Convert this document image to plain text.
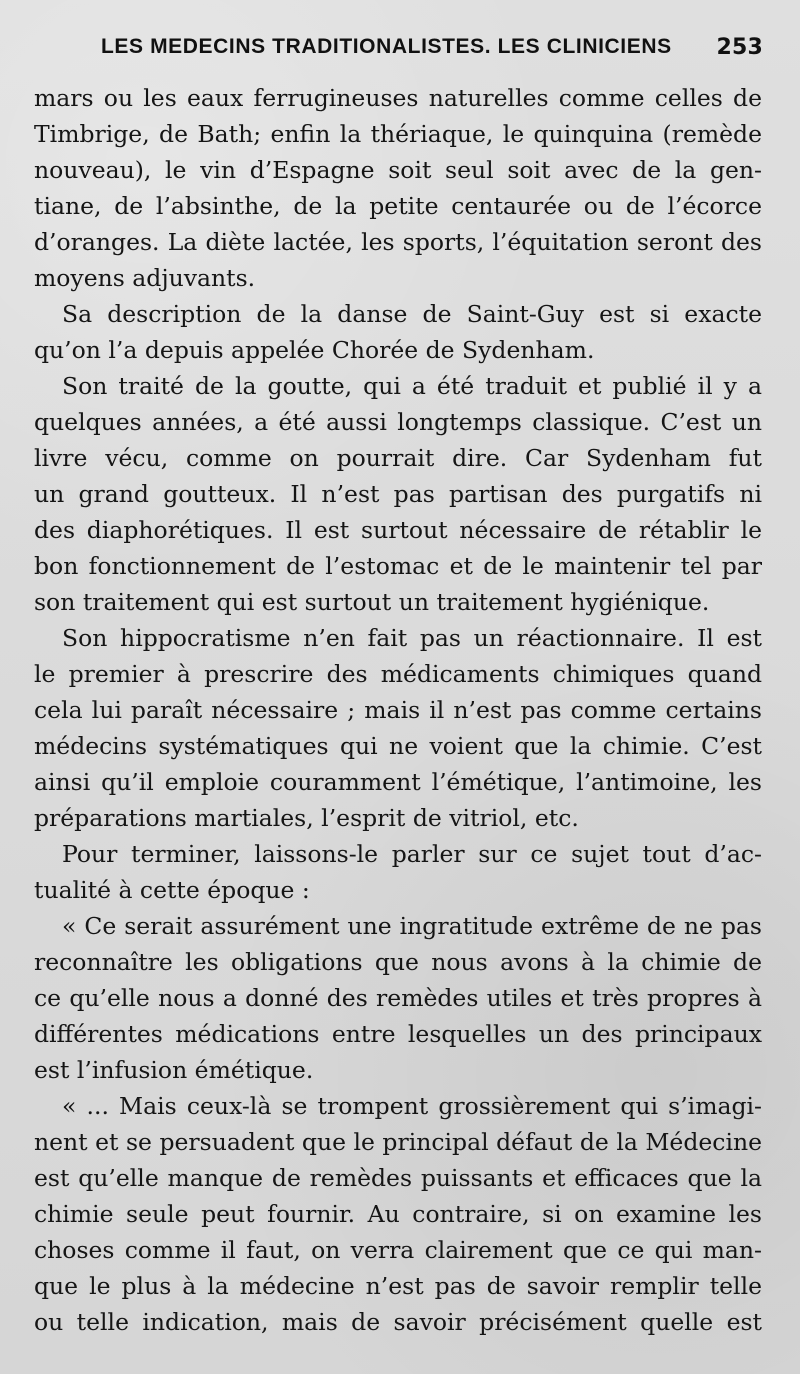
LES MEDECINS TRADITIONALISTES. LES CLINICIENS 253
mars ou les eaux ferrugineuses naturelles comme celles de
Timbrige, de Bath; enfin la thériaque, le quinquina (remède
nouveau), le vin d’Espagne soit seul soit avec de la gen-
tiane, de l’absinthe, de la petite centaurée ou de l’écorce
d’oranges. La diète lactée, les sports, l’équitation seront des
moyens adjuvants.
Sa description de la danse de Saint-Guy est si exacte
qu’on l’a depuis appelée Chorée de Sydenham.
Son traité de la goutte, qui a été traduit et publié il y a
quelques années, a été aussi longtemps classique. C’est un
livre vécu, comme on pourrait dire. Car Sydenham fut
un grand goutteux. Il n’est pas partisan des purgatifs ni
des diaphorétiques. Il est surtout nécessaire de rétablir le
bon fonctionnement de l’estomac et de le maintenir tel par
son traitement qui est surtout un traitement hygiénique.
Son hippocratisme n’en fait pas un réactionnaire. Il est
le premier à prescrire des médicaments chimiques quand
cela lui paraît nécessaire ; mais il n’est pas comme certains
médecins systématiques qui ne voient que la chimie. C’est
ainsi qu’il emploie couramment l’émétique, l’antimoine, les
préparations martiales, l’esprit de vitriol, etc.
Pour terminer, laissons-le parler sur ce sujet tout d’ac-
tualité à cette époque :
« Ce serait assurément une ingratitude extrême de ne pas
reconnaître les obligations que nous avons à la chimie de
ce qu’elle nous a donné des remèdes utiles et très propres à
différentes médications entre lesquelles un des principaux
est l’infusion émétique.
« ... Mais ceux-là se trompent grossièrement qui s’imagi-
nent et se persuadent que le principal défaut de la Médecine
est qu’elle manque de remèdes puissants et efficaces que la
chimie seule peut fournir. Au contraire, si on examine les
choses comme il faut, on verra clairement que ce qui man-
que le plus à la médecine n’est pas de savoir remplir telle
ou telle indication, mais de savoir précisément quelle est
